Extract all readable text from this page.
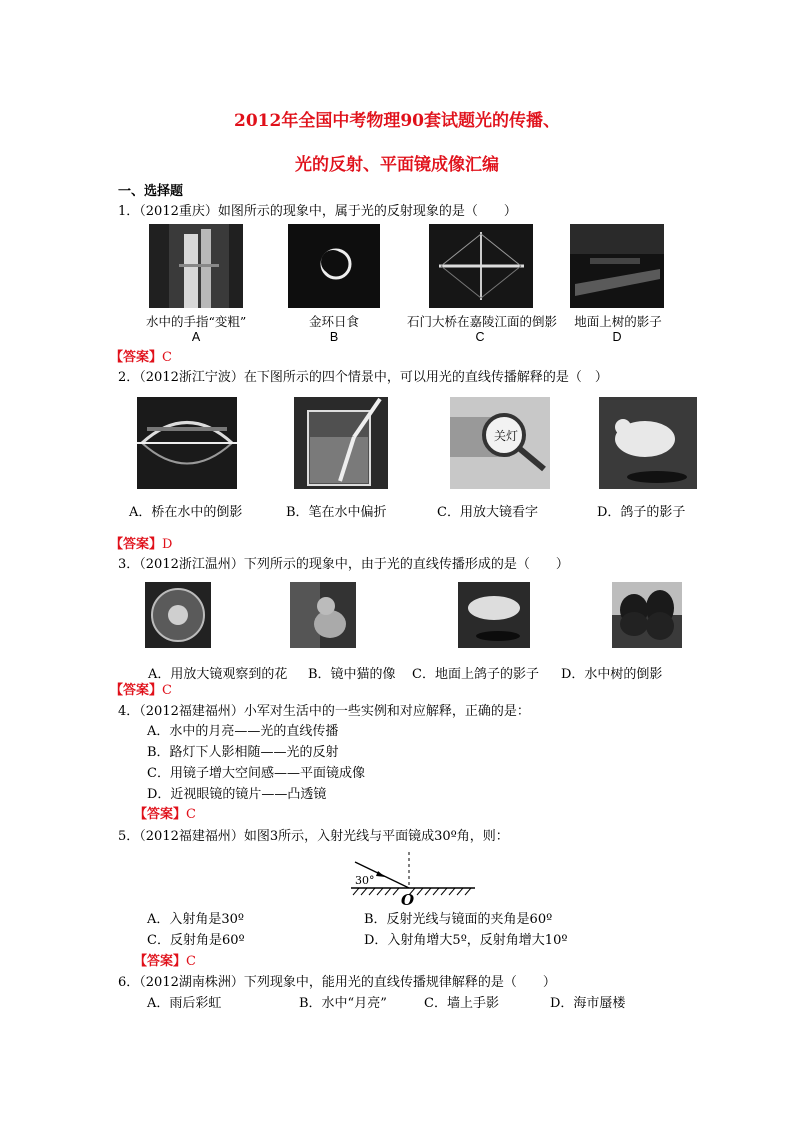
2012年全国中考物理90套试题光的传播、
光的反射、平面镜成像汇编
一、选择题
1．（2012重庆）如图所示的现象中，属于光的反射现象的是（　　）
水中的手指“变粗”	金环日食	石门大桥在嘉陵江面的倒影	地面上树的影子
A	B	C	D
【答案】C
2．（2012浙江宁波）在下图所示的四个情景中，可以用光的直线传播解释的是（　）
关灯
A．桥在水中的倒影	B．笔在水中偏折	C．用放大镜看字	D．鸽子的影子
【答案】D
3．（2012浙江温州）下列所示的现象中，由于光的直线传播形成的是（　　）
A．用放大镜观察到的花 B．镜中猫的像 C．地面上鸽子的影子 D．水中树的倒影
【答案】C
4．（2012福建福州）小军对生活中的一些实例和对应解释，正确的是：
A．水中的月亮——光的直线传播
B．路灯下人影相随——光的反射
C．用镜子增大空间感——平面镜成像
D．近视眼镜的镜片——凸透镜
【答案】C
5．（2012福建福州）如图3所示，入射光线与平面镜成30º角，则：
30°
O
A．入射角是30º	B．反射光线与镜面的夹角是60º
C．反射角是60º	D．入射角增大5º，反射角增大10º
【答案】C
6．（2012湖南株洲）下列现象中，能用光的直线传播规律解释的是（　　）
A．雨后彩虹	B．水中“月亮”	C．墙上手影	D．海市蜃楼
